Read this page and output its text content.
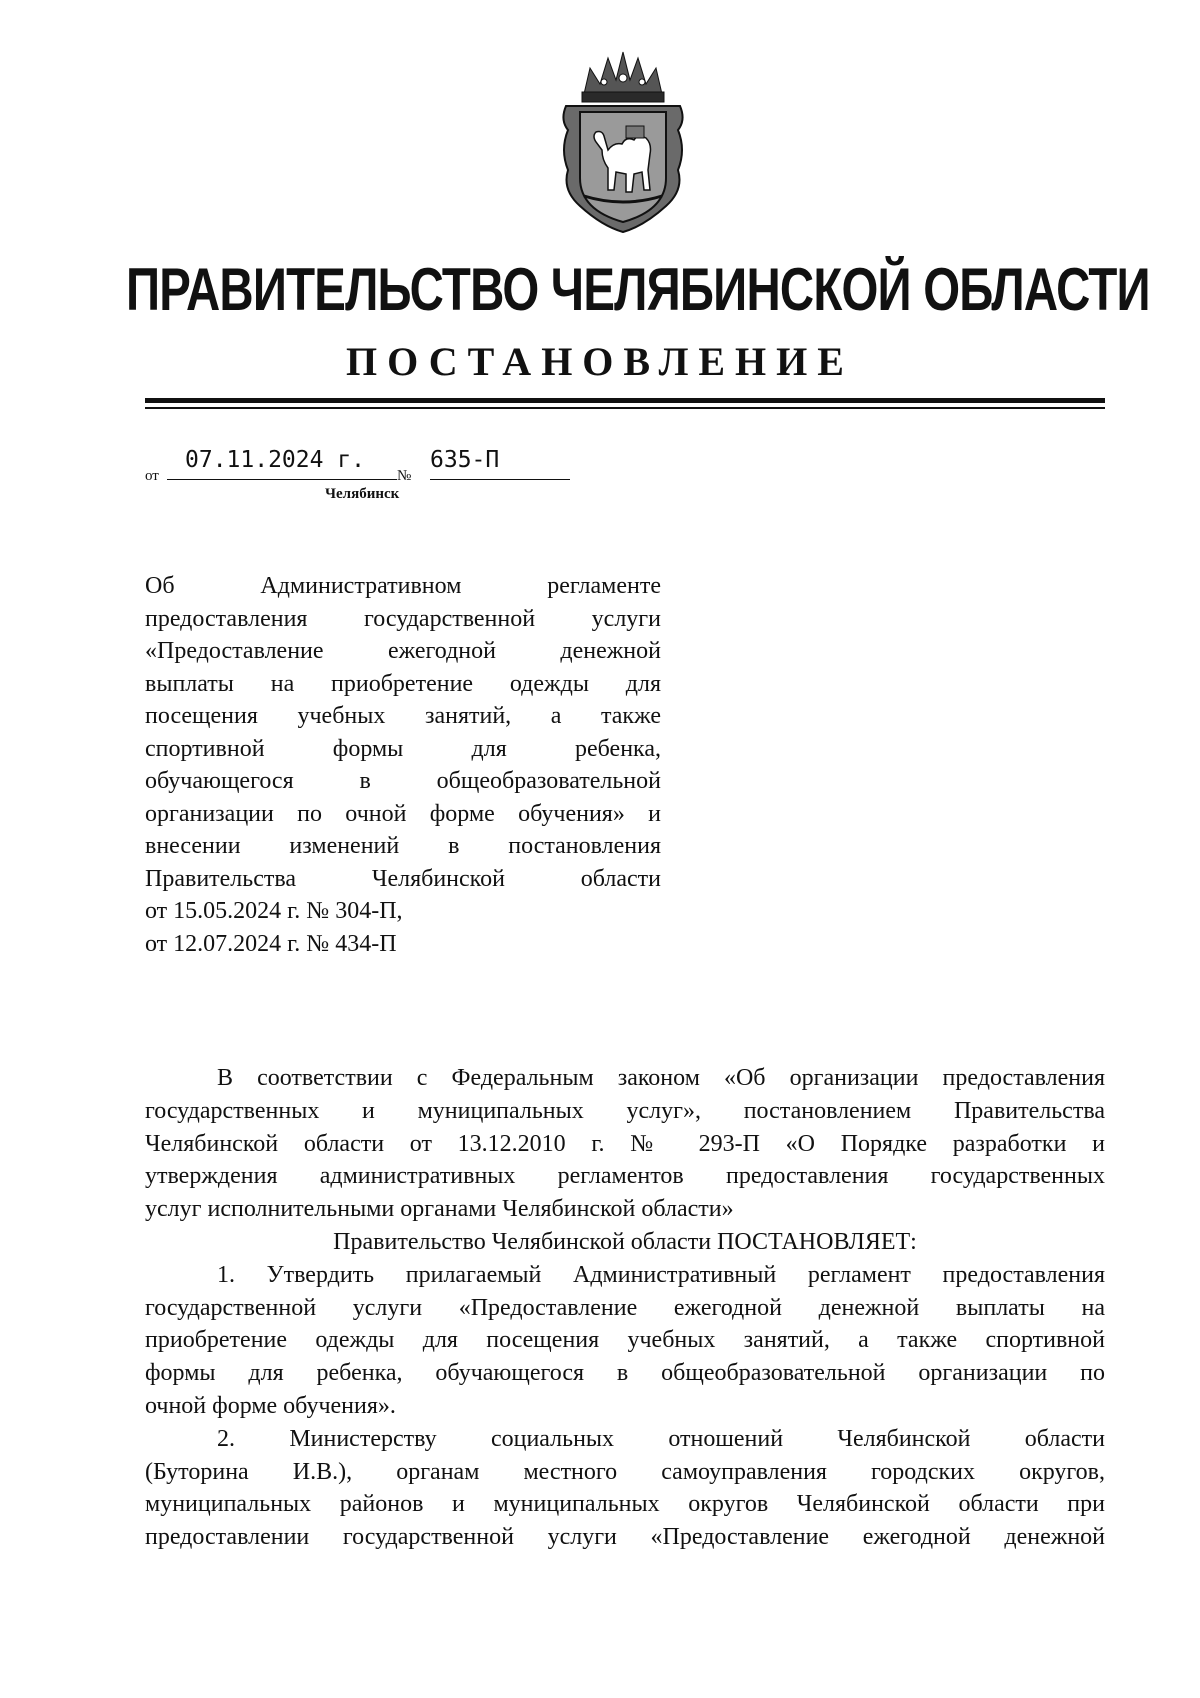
ПРАВИТЕЛЬСТВО ЧЕЛЯБИНСКОЙ ОБЛАСТИ
ПОСТАНОВЛЕНИЕ
от
07.11.2024 г.
№
635-П
Челябинск
Об Административном регламенте
предоставления государственной услуги
«Предоставление ежегодной денежной
выплаты на приобретение одежды для
посещения учебных занятий, а также
спортивной формы для ребенка,
обучающегося в общеобразовательной
организации по очной форме обучения» и
внесении изменений в постановления
Правительства Челябинской области
от 15.05.2024 г. № 304-П,
от 12.07.2024 г. № 434-П
В соответствии с Федеральным законом «Об организации предоставления
государственных и муниципальных услуг», постановлением Правительства
Челябинской области от 13.12.2010 г. № 293-П «О Порядке разработки и
утверждения административных регламентов предоставления государственных
услуг исполнительными органами Челябинской области»
Правительство Челябинской области ПОСТАНОВЛЯЕТ:
1. Утвердить прилагаемый Административный регламент предоставления
государственной услуги «Предоставление ежегодной денежной выплаты на
приобретение одежды для посещения учебных занятий, а также спортивной
формы для ребенка, обучающегося в общеобразовательной организации по
очной форме обучения».
2. Министерству социальных отношений Челябинской области
(Буторина И.В.), органам местного самоуправления городских округов,
муниципальных районов и муниципальных округов Челябинской области при
предоставлении государственной услуги «Предоставление ежегодной денежной
